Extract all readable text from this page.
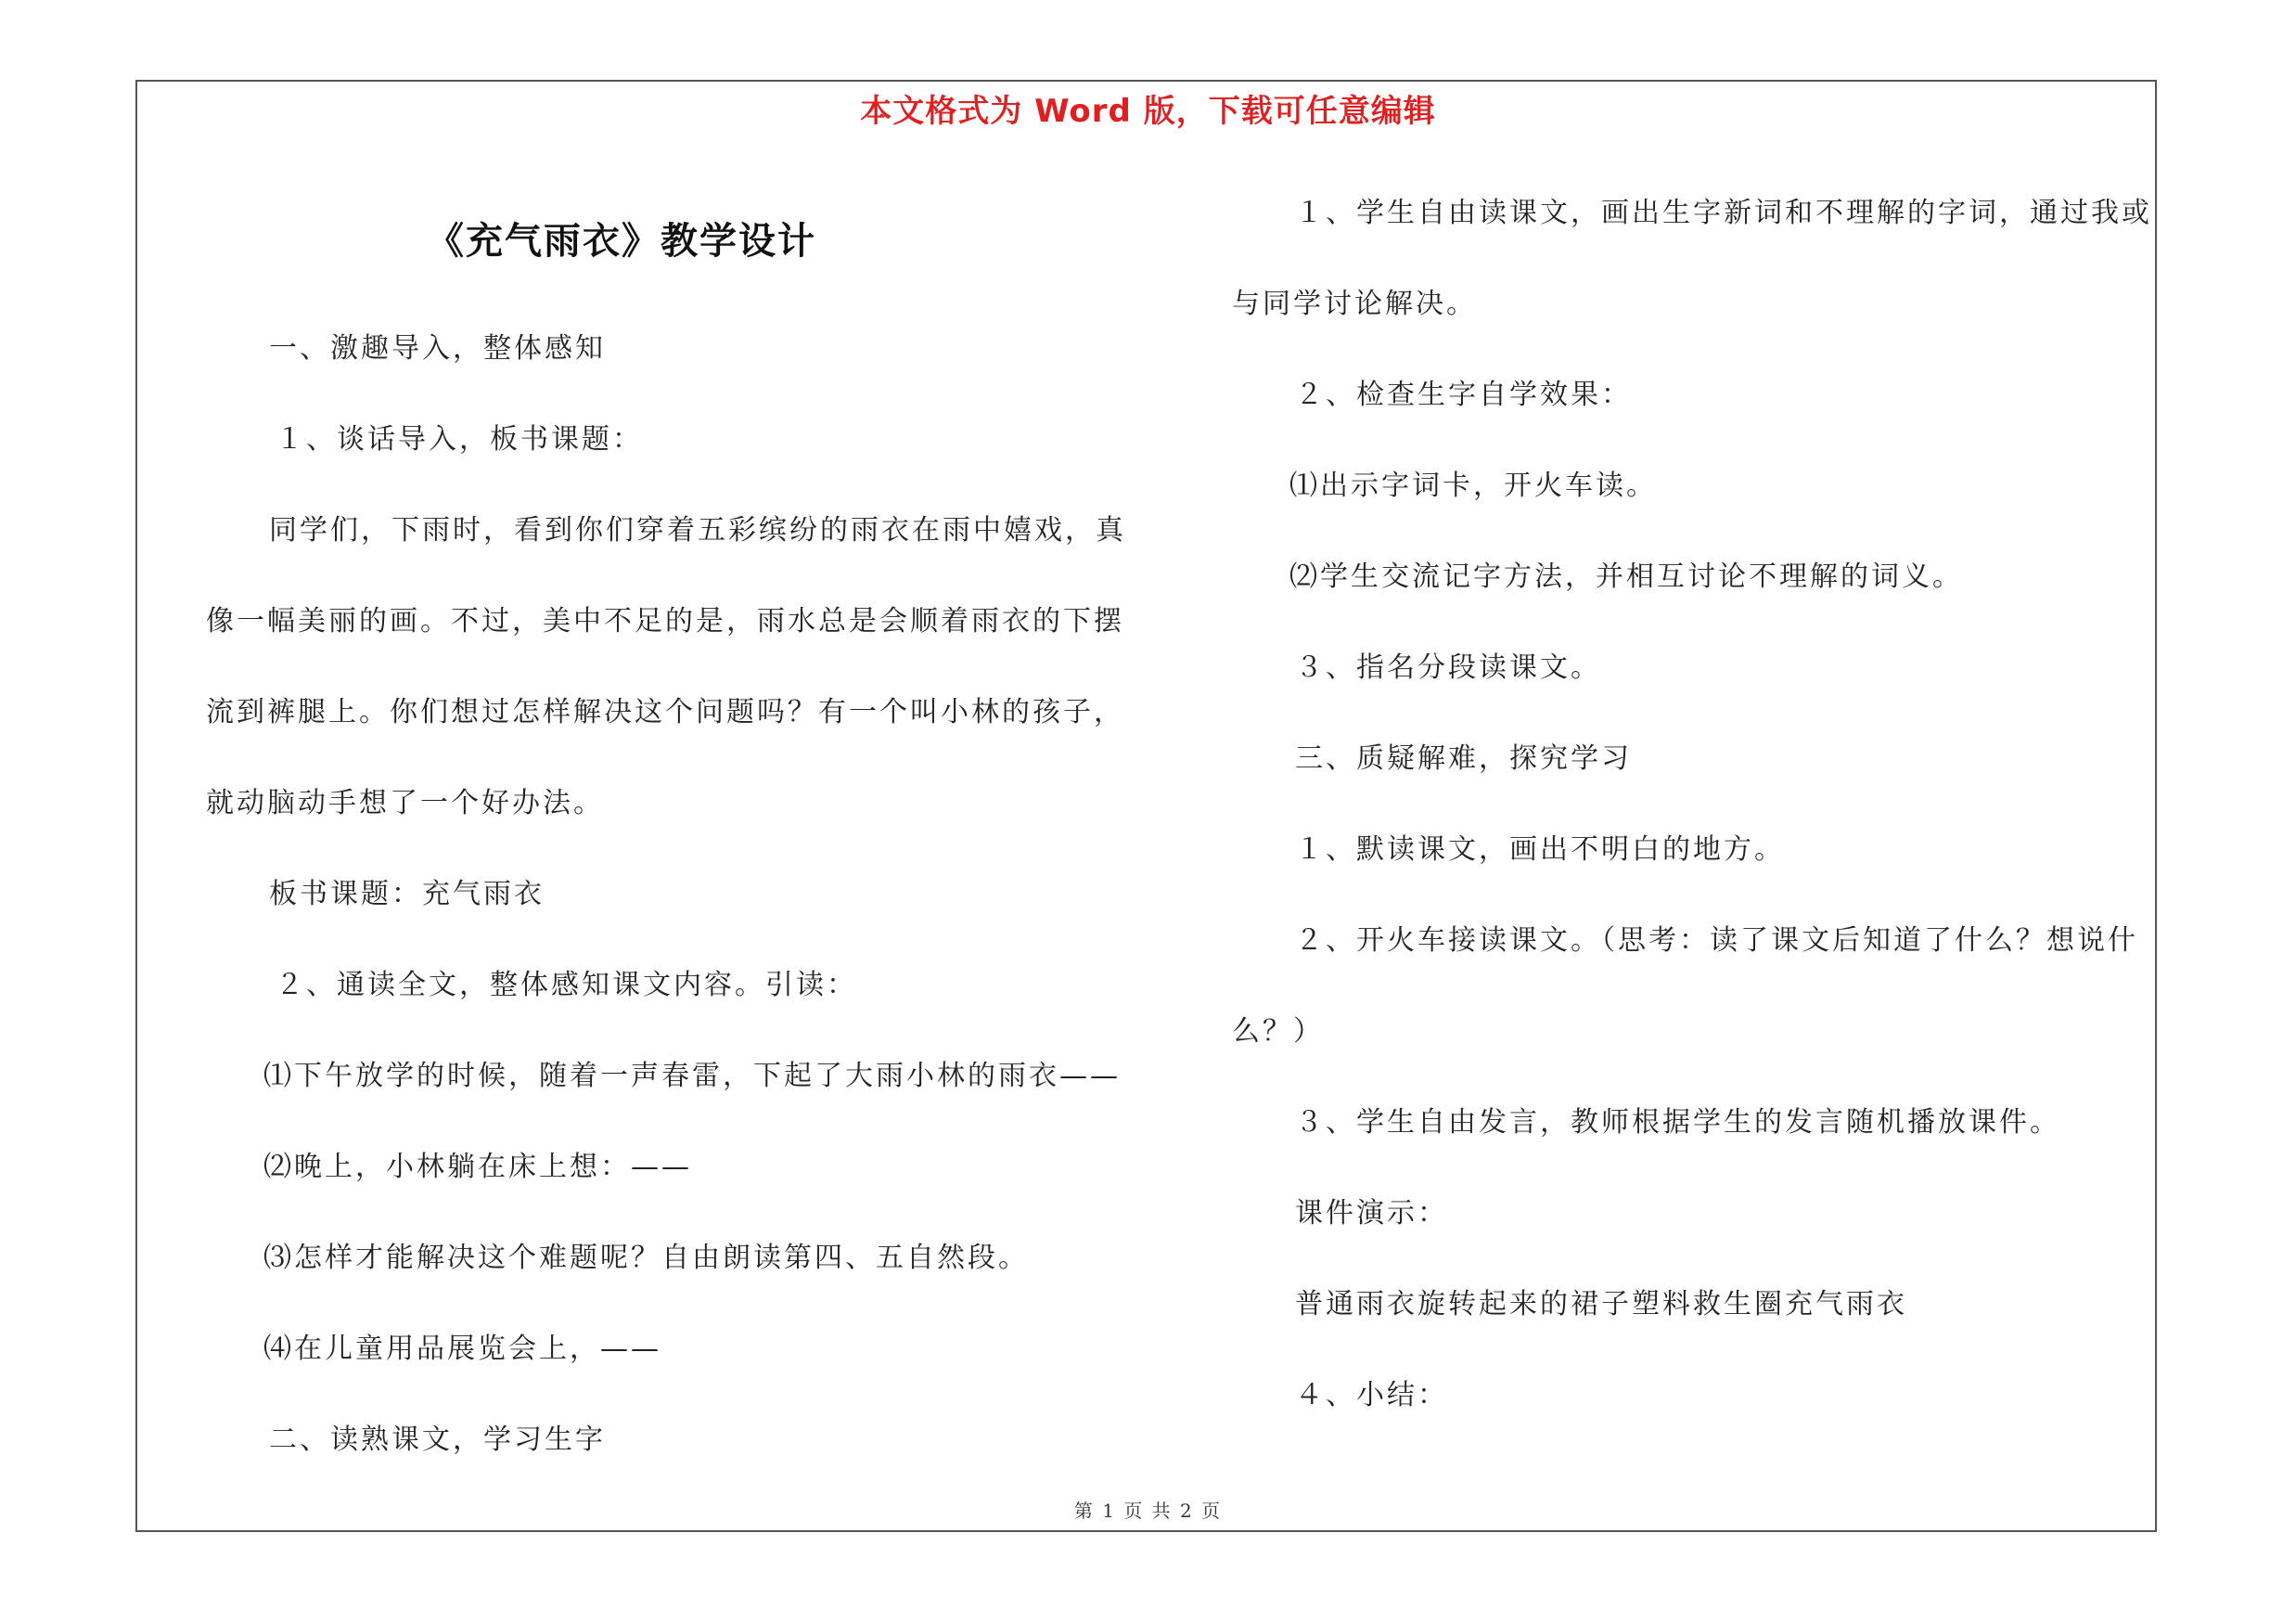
本文格式为 Word 版，下载可任意编辑
《充气雨衣》教学设计
一、激趣导入，整体感知
１、谈话导入，板书课题：
同学们，下雨时，看到你们穿着五彩缤纷的雨衣在雨中嬉戏，真
像一幅美丽的画。不过，美中不足的是，雨水总是会顺着雨衣的下摆
流到裤腿上。你们想过怎样解决这个问题吗？有一个叫小林的孩子，
就动脑动手想了一个好办法。
板书课题：充气雨衣
２、通读全文，整体感知课文内容。引读：
⑴下午放学的时候，随着一声春雷，下起了大雨小林的雨衣——
⑵晚上，小林躺在床上想：——
⑶怎样才能解决这个难题呢？自由朗读第四、五自然段。
⑷在儿童用品展览会上，——
二、读熟课文，学习生字
１、学生自由读课文，画出生字新词和不理解的字词，通过我或
与同学讨论解决。
２、检查生字自学效果：
⑴出示字词卡，开火车读。
⑵学生交流记字方法，并相互讨论不理解的词义。
３、指名分段读课文。
三、质疑解难，探究学习
１、默读课文，画出不明白的地方。
２、开火车接读课文。（思考：读了课文后知道了什么？想说什
么？）
３、学生自由发言，教师根据学生的发言随机播放课件。
课件演示：
普通雨衣旋转起来的裙子塑料救生圈充气雨衣
４、小结：
第 1 页 共 2 页
